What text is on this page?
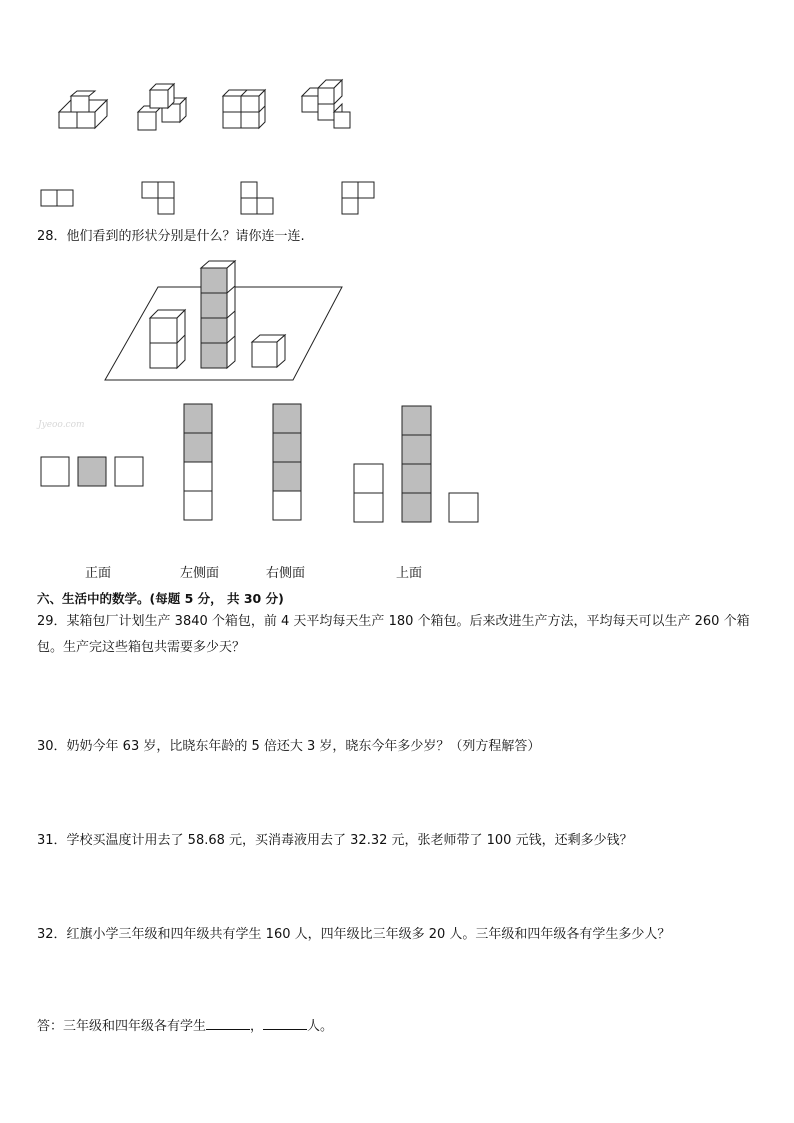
Jyeoo.com
28．他们看到的形状分别是什么？请你连一连.
正面	左侧面	右侧面	上面
六、生活中的数学。(每题 5 分， 共 30 分)
29．某箱包厂计划生产 3840 个箱包，前 4 天平均每天生产 180 个箱包。后来改进生产方法，平均每天可以生产 260 个箱包。生产完这些箱包共需要多少天？
30．奶奶今年 63 岁，比晓东年龄的 5 倍还大 3 岁，晓东今年多少岁？（列方程解答）
31．学校买温度计用去了 58.68 元，买消毒液用去了 32.32 元，张老师带了 100 元钱，还剩多少钱？
32．红旗小学三年级和四年级共有学生 160 人，四年级比三年级多 20 人。三年级和四年级各有学生多少人？
答：三年级和四年级各有学生	，	人。
